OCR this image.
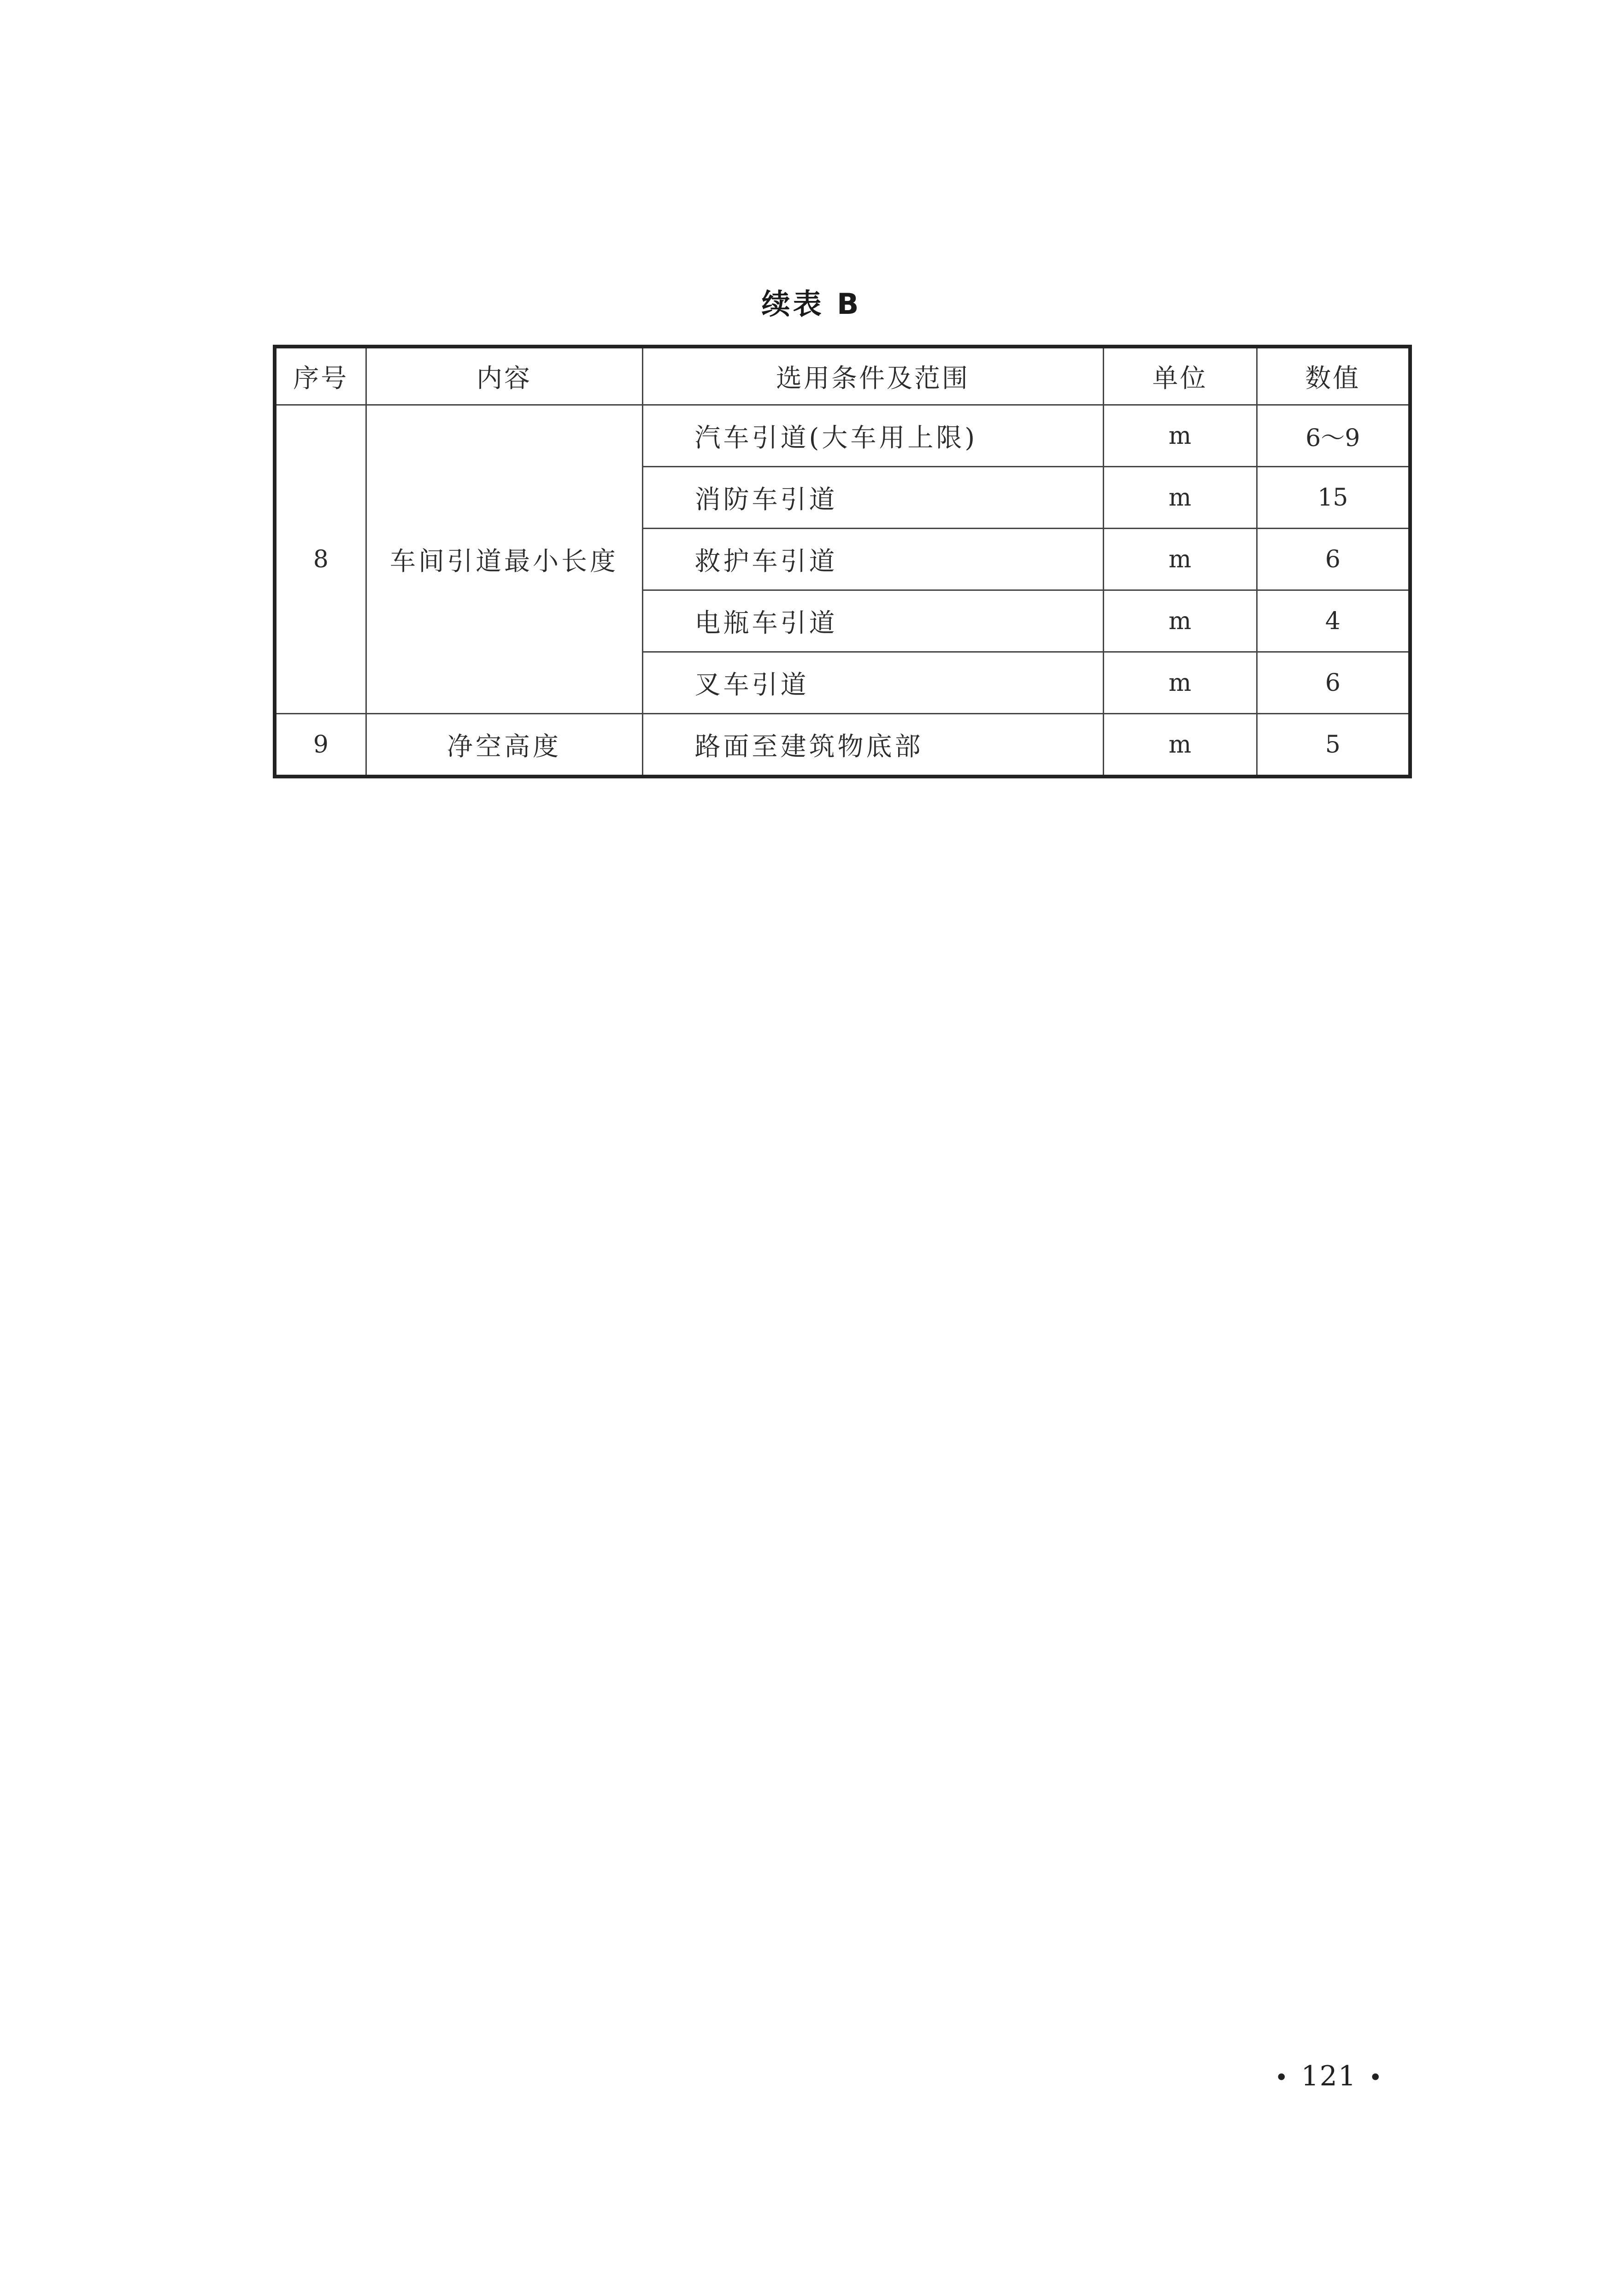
续表 B
序号	内容	选用条件及范围	单位	数值
8	车间引道最小长度	汽车引道(大车用上限)	m	6～9
		消防车引道	m	15
		救护车引道	m	6
		电瓶车引道	m	4
		叉车引道	m	6
9	净空高度	路面至建筑物底部	m	5
• 121 •
